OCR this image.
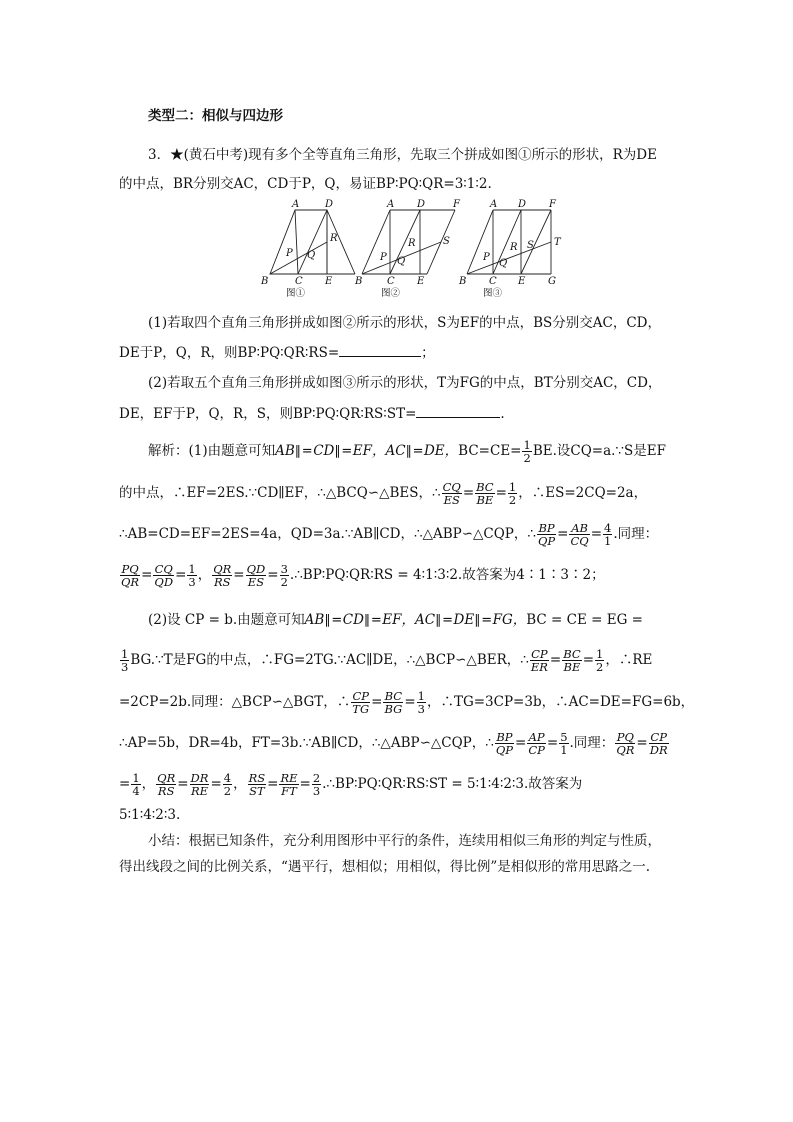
类型二：相似与四边形
3．★(黄石中考)现有多个全等直角三角形，先取三个拼成如图①所示的形状，R为DE
的中点，BR分别交AC，CD于P，Q，易证BP∶PQ∶QR=3∶1∶2.
A	D
R
P Q
B	C E
图①
A D	F
S
R
P Q
B C E
图②
A D F
T
S
R
P
Q
B C E G
图③
(1)若取四个直角三角形拼成如图②所示的形状，S为EF的中点，BS分别交AC，CD，
DE于P，Q，R，则BP∶PQ∶QR∶RS=	；
(2)若取五个直角三角形拼成如图③所示的形状，T为FG的中点，BT分别交AC，CD，
DE，EF于P，Q，R，S，则BP∶PQ∶QR∶RS∶ST=	.
解析：(1)由题意可知AB∥=CD∥=EF，AC∥=DE，$BC=CE= \frac{1}{2}$ BE.设CQ=a.∵S是EF
的中点，∴EF=2ES.∵CD∥EF，∴△BCQ∽△BES，∴ $\frac{CQ}{ES} = \frac{BC}{BE} = \frac{1}{2}$ ，∴ES=2CQ=2a，
∴AB=CD=EF=2ES=4a，QD=3a.∵AB∥CD，∴△ABP∽△CQP，∴ $\frac{BP}{QP} = \frac{AB}{CQ} = \frac{4}{1}$ .同理：
$\frac{PQ}{QR} = \frac{CQ}{QD} = \frac{1}{3}$ ， $\frac{QR}{RS} = \frac{QD}{ES} = \frac{3}{2}$ .∴BP∶PQ∶QR∶RS = 4∶1∶3∶2.故答案为4∶1∶3∶2；
(2)设 CP = b.由题意可知AB∥=CD∥=EF，AC∥=DE∥=FG，BC = CE = EG =
$\frac{1}{3}$ BG.∵T是FG的中点，∴FG=2TG.∵AC∥DE，∴△BCP∽△BER，∴ $\frac{CP}{ER} = \frac{BC}{BE} = \frac{1}{2}$ ，∴RE
=2CP=2b.同理：△BCP∽△BGT，∴ $\frac{CP}{TG} = \frac{BC}{BG} = \frac{1}{3}$ ，∴TG=3CP=3b，∴AC=DE=FG=6b，
∴AP=5b，DR=4b，FT=3b.∵AB∥CD，∴△ABP∽△CQP，∴ $\frac{BP}{QP} = \frac{AP}{CP} = \frac{5}{1}$ .同理： $\frac{PQ}{QR} = \frac{CP}{DR}$
= $\frac{1}{4}$ ， $\frac{QR}{RS} = \frac{DR}{RE} = \frac{4}{2}$ ， $\frac{RS}{ST} = \frac{RE}{FT} = \frac{2}{3}$ .∴BP∶PQ∶QR∶RS∶ST = 5∶1∶4∶2∶3.故答案为
5∶1∶4∶2∶3.
小结：根据已知条件，充分利用图形中平行的条件，连续用相似三角形的判定与性质，
得出线段之间的比例关系，“遇平行，想相似；用相似，得比例”是相似形的常用思路之一.
